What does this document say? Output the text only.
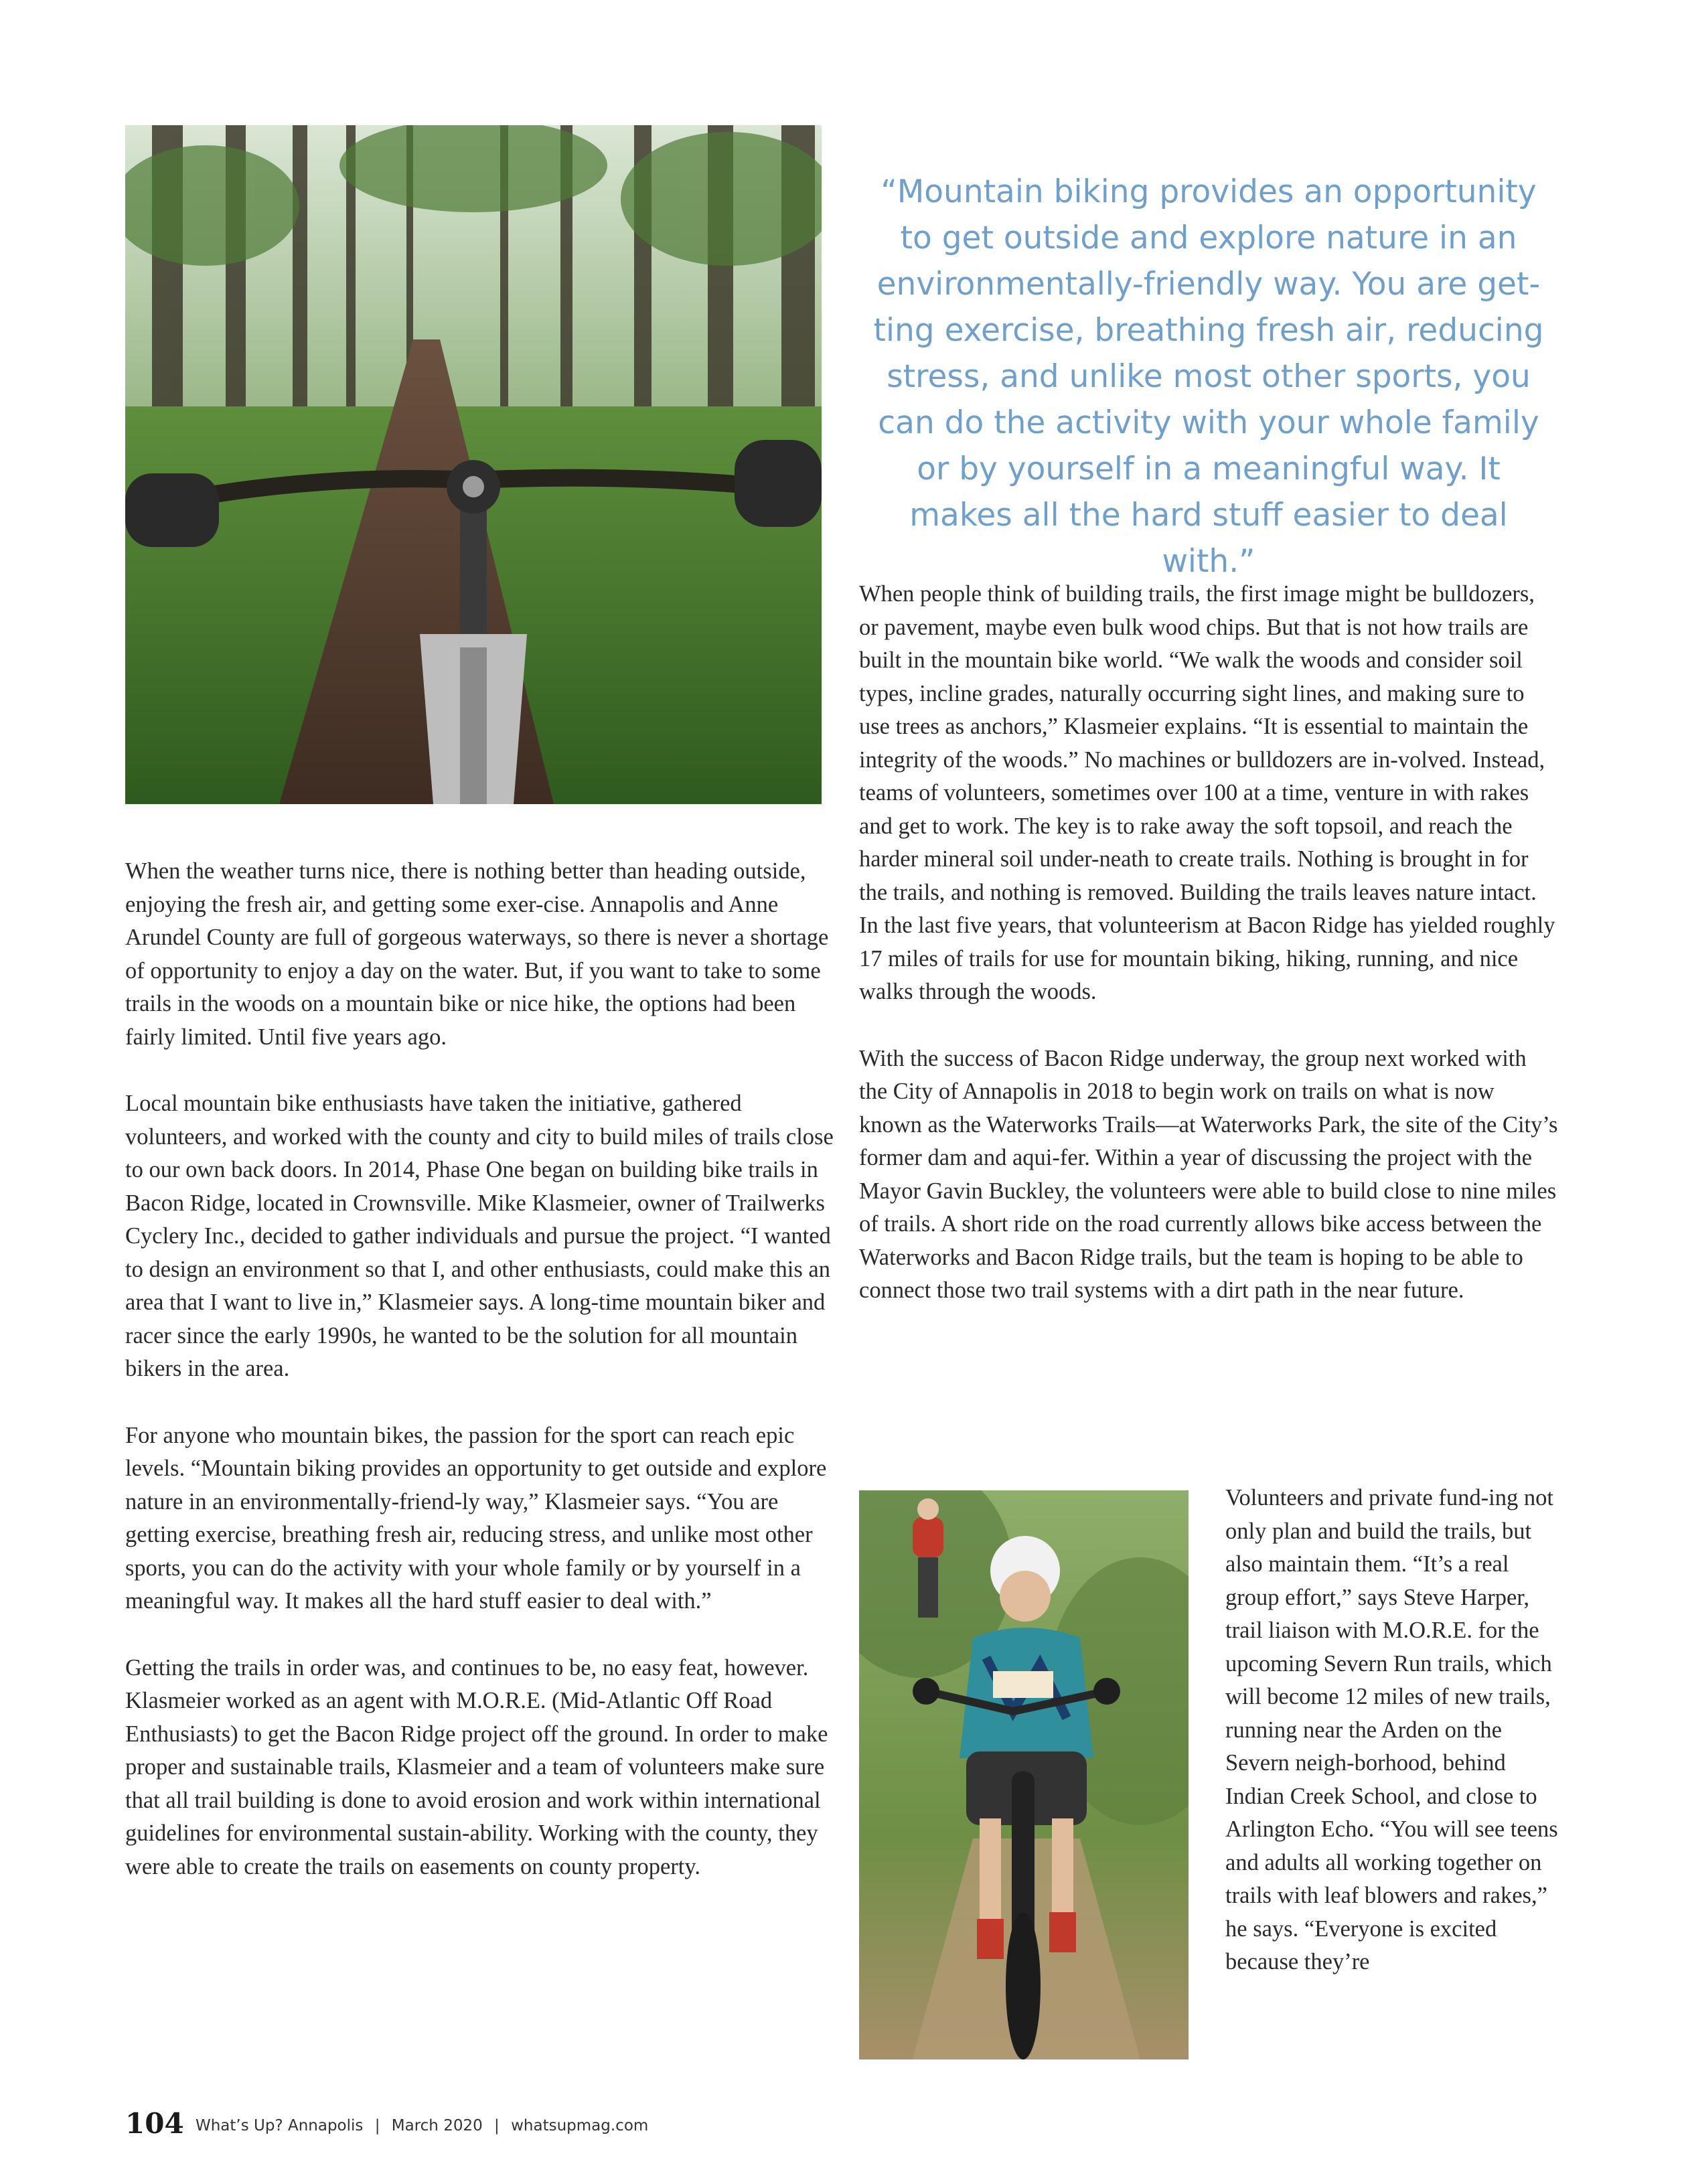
“Mountain biking provides an opportunity to get outside and explore nature in an environmentally-friendly way. You are get-ting exercise, breathing fresh air, reducing stress, and unlike most other sports, you can do the activity with your whole family or by yourself in a meaningful way. It makes all the hard stuff easier to deal with.”

When the weather turns nice, there is nothing better than heading outside, enjoying the fresh air, and getting some exer-cise. Annapolis and Anne Arundel County are full of gorgeous waterways, so there is never a shortage of opportunity to enjoy a day on the water. But, if you want to take to some trails in the woods on a mountain bike or nice hike, the options had been fairly limited. Until five years ago.

Local mountain bike enthusiasts have taken the initiative, gathered volunteers, and worked with the county and city to build miles of trails close to our own back doors. In 2014, Phase One began on building bike trails in Bacon Ridge, located in Crownsville. Mike Klasmeier, owner of Trailwerks Cyclery Inc., decided to gather individuals and pursue the project. “I wanted to design an environment so that I, and other enthusiasts, could make this an area that I want to live in,” Klasmeier says. A long-time mountain biker and racer since the early 1990s, he wanted to be the solution for all mountain bikers in the area.

For anyone who mountain bikes, the passion for the sport can reach epic levels. “Mountain biking provides an opportunity to get outside and explore nature in an environmentally-friend-ly way,” Klasmeier says. “You are getting exercise, breathing fresh air, reducing stress, and unlike most other sports, you can do the activity with your whole family or by yourself in a meaningful way. It makes all the hard stuff easier to deal with.”

Getting the trails in order was, and continues to be, no easy feat, however. Klasmeier worked as an agent with M.O.R.E. (Mid-Atlantic Off Road Enthusiasts) to get the Bacon Ridge project off the ground. In order to make proper and sustainable trails, Klasmeier and a team of volunteers make sure that all trail building is done to avoid erosion and work within international guidelines for environmental sustain-ability. Working with the county, they were able to create the trails on easements on county property.

When people think of building trails, the first image might be bulldozers, or pavement, maybe even bulk wood chips. But that is not how trails are built in the mountain bike world. “We walk the woods and consider soil types, incline grades, naturally occurring sight lines, and making sure to use trees as anchors,” Klasmeier explains. “It is essential to maintain the integrity of the woods.” No machines or bulldozers are in-volved. Instead, teams of volunteers, sometimes over 100 at a time, venture in with rakes and get to work. The key is to rake away the soft topsoil, and reach the harder mineral soil under-neath to create trails. Nothing is brought in for the trails, and nothing is removed. Building the trails leaves nature intact. In the last five years, that volunteerism at Bacon Ridge has yielded roughly 17 miles of trails for use for mountain biking, hiking, running, and nice walks through the woods.

With the success of Bacon Ridge underway, the group next worked with the City of Annapolis in 2018 to begin work on trails on what is now known as the Waterworks Trails—at Waterworks Park, the site of the City’s former dam and aqui-fer. Within a year of discussing the project with the Mayor Gavin Buckley, the volunteers were able to build close to nine miles of trails. A short ride on the road currently allows bike access between the Waterworks and Bacon Ridge trails, but the team is hoping to be able to connect those two trail systems with a dirt path in the near future.

Volunteers and private fund-ing not only plan and build the trails, but also maintain them. “It’s a real group effort,” says Steve Harper, trail liaison with M.O.R.E. for the upcoming Severn Run trails, which will become 12 miles of new trails, running near the Arden on the Severn neigh-borhood, behind Indian Creek School, and close to Arlington Echo. “You will see teens and adults all working together on trails with leaf blowers and rakes,” he says. “Everyone is excited because they’re

104 What’s Up? Annapolis | March 2020 | whatsupmag.com
